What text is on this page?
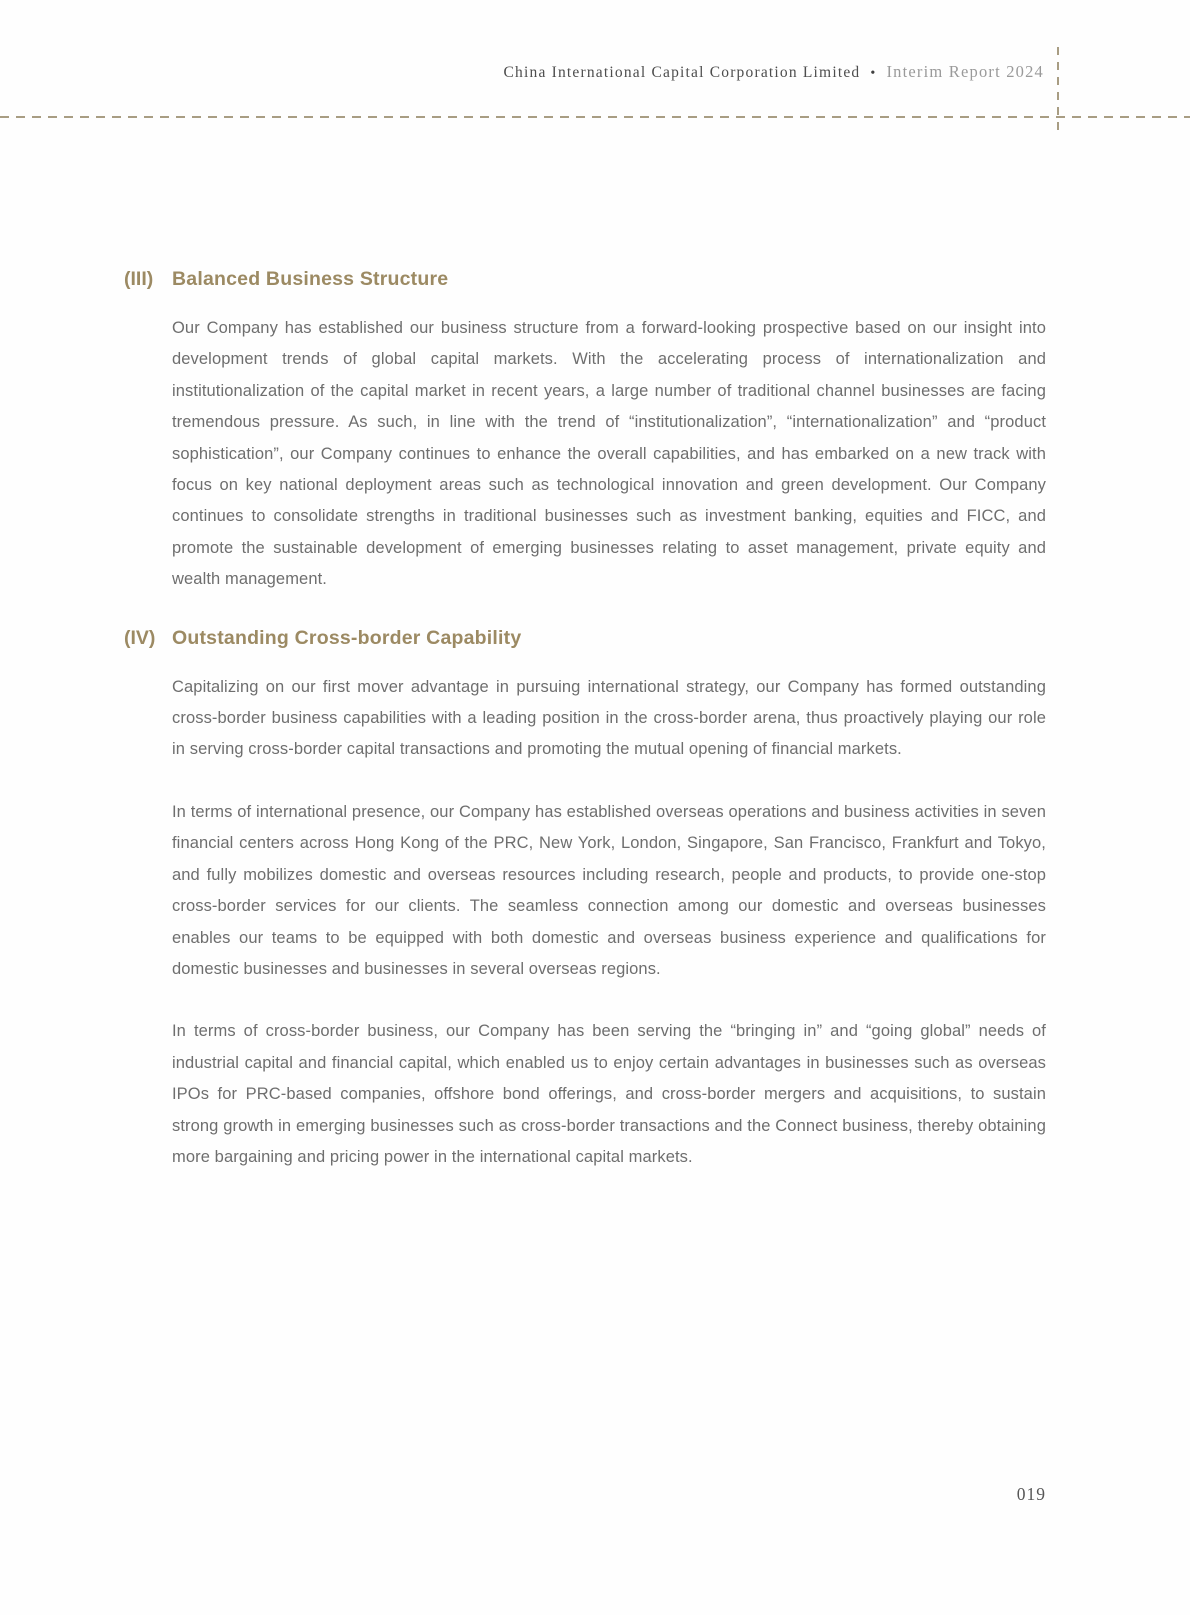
China International Capital Corporation Limited • Interim Report 2024
(III) Balanced Business Structure

Our Company has established our business structure from a forward-looking prospective based on our insight into development trends of global capital markets. With the accelerating process of internationalization and institutionalization of the capital market in recent years, a large number of traditional channel businesses are facing tremendous pressure. As such, in line with the trend of “institutionalization”, “internationalization” and “product sophistication”, our Company continues to enhance the overall capabilities, and has embarked on a new track with focus on key national deployment areas such as technological innovation and green development. Our Company continues to consolidate strengths in traditional businesses such as investment banking, equities and FICC, and promote the sustainable development of emerging businesses relating to asset management, private equity and wealth management.

(IV) Outstanding Cross-border Capability

Capitalizing on our first mover advantage in pursuing international strategy, our Company has formed outstanding cross-border business capabilities with a leading position in the cross-border arena, thus proactively playing our role in serving cross-border capital transactions and promoting the mutual opening of financial markets.

In terms of international presence, our Company has established overseas operations and business activities in seven financial centers across Hong Kong of the PRC, New York, London, Singapore, San Francisco, Frankfurt and Tokyo, and fully mobilizes domestic and overseas resources including research, people and products, to provide one-stop cross-border services for our clients. The seamless connection among our domestic and overseas businesses enables our teams to be equipped with both domestic and overseas business experience and qualifications for domestic businesses and businesses in several overseas regions.

In terms of cross-border business, our Company has been serving the “bringing in” and “going global” needs of industrial capital and financial capital, which enabled us to enjoy certain advantages in businesses such as overseas IPOs for PRC-based companies, offshore bond offerings, and cross-border mergers and acquisitions, to sustain strong growth in emerging businesses such as cross-border transactions and the Connect business, thereby obtaining more bargaining and pricing power in the international capital markets.

019
